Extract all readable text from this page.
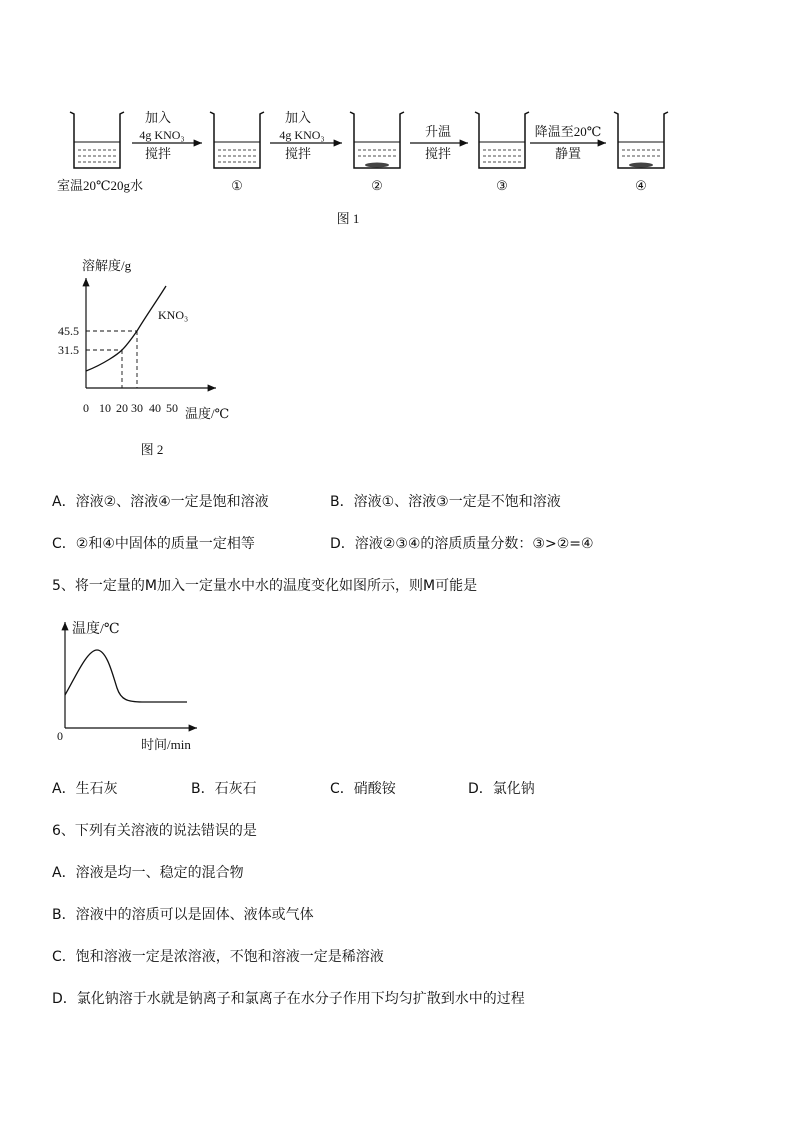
加入
4g KNO₃
搅拌
加入
4g KNO₃
搅拌
升温
搅拌
降温至20℃
静置
室温20℃20g水	①	②	③	④
图 1
溶解度/g
KNO₃
45.5
31.5
0 10 20 30 40 50 温度/℃
图 2
A．溶液②、溶液④一定是饱和溶液	B．溶液①、溶液③一定是不饱和溶液
C．②和④中固体的质量一定相等	D．溶液②③④的溶质质量分数：③>②=④
5、将一定量的M加入一定量水中水的温度变化如图所示，则M可能是
温度/℃
0
时间/min
A．生石灰	B．石灰石	C．硝酸铵	D．氯化钠
6、下列有关溶液的说法错误的是
A．溶液是均一、稳定的混合物
B．溶液中的溶质可以是固体、液体或气体
C．饱和溶液一定是浓溶液，不饱和溶液一定是稀溶液
D．氯化钠溶于水就是钠离子和氯离子在水分子作用下均匀扩散到水中的过程
